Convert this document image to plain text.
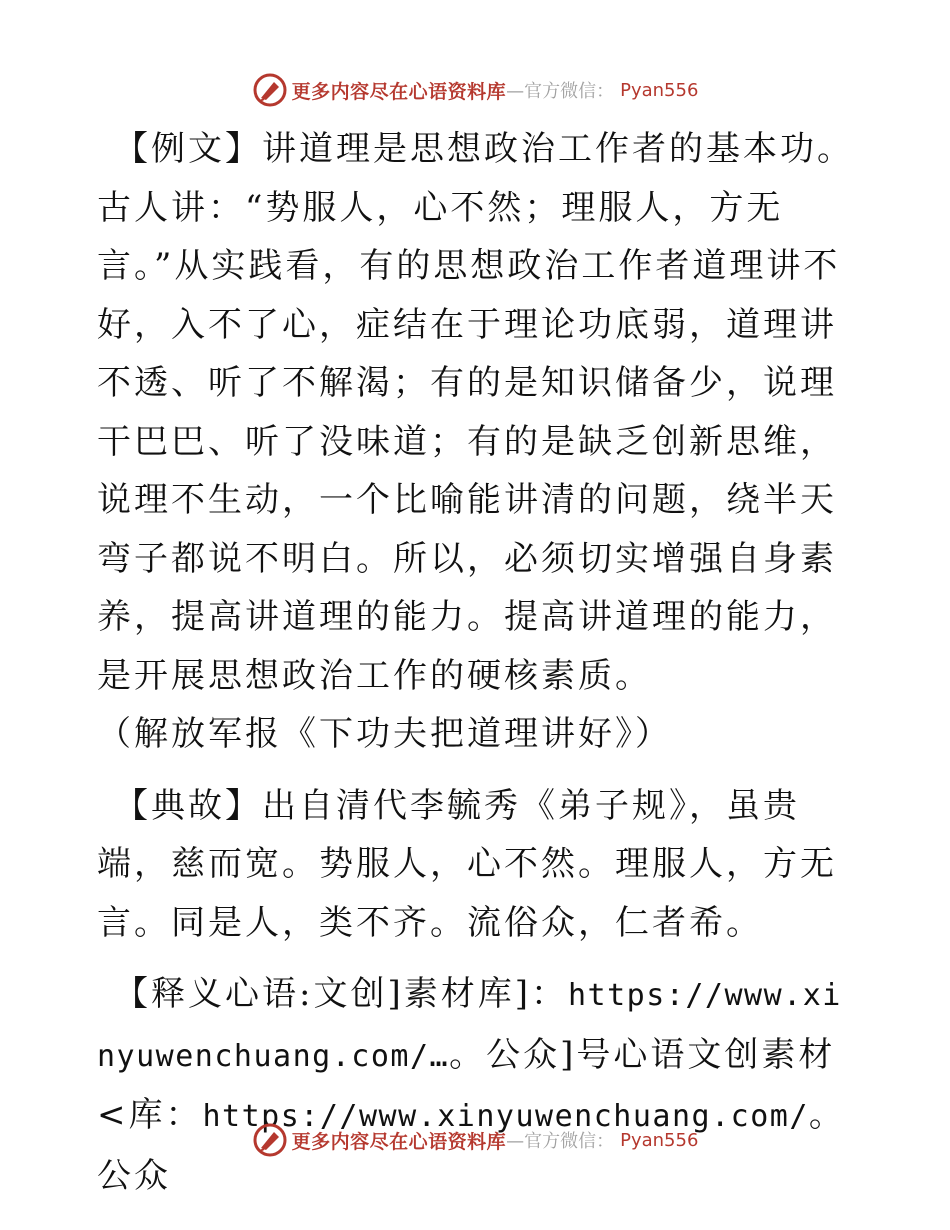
更多内容尽在心语资料库 —官方微信： Pyan556

【例文】讲道理是思想政治工作者的基本功。古人讲：“势服人，心不然；理服人，方无言。”从实践看，有的思想政治工作者道理讲不好，入不了心，症结在于理论功底弱，道理讲不透、听了不解渴；有的是知识储备少，说理干巴巴、听了没味道；有的是缺乏创新思维，说理不生动，一个比喻能讲清的问题，绕半天弯子都说不明白。所以，必须切实增强自身素养，提高讲道理的能力。提高讲道理的能力，是开展思想政治工作的硬核素质。
（解放军报《下功夫把道理讲好》）

【典故】出自清代李毓秀《弟子规》，虽贵端，慈而宽。势服人，心不然。理服人，方无言。同是人，类不齐。流俗众，仁者希。

【释义心语:文创]素材库]：https://www.xinyuwenchuang.com/…。公众]号心语文创素材<库：https://www.xinyuwenchuang.com/。公众

更多内容尽在心语资料库 —官方微信： Pyan556
